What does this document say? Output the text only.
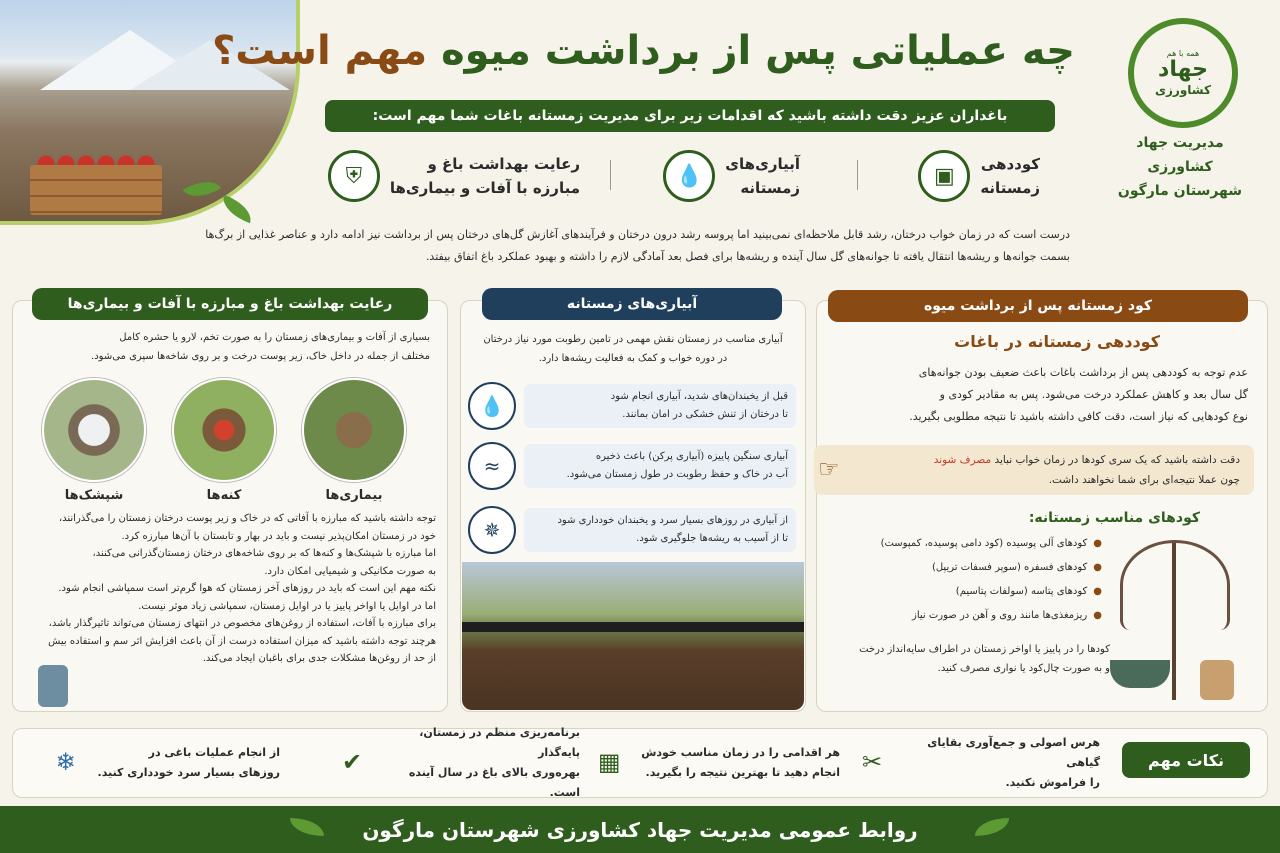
چه عملیاتی پس از برداشت میوه مهم است؟
باغداران عزیز دقت داشته باشید که اقدامات زیر برای مدیریت زمستانه باغات شما مهم است:
همه با هم
جهاد
کشاورزی
مدیریت جهاد کشاورزی
شهرستان مارگون
کوددهی
زمستانه
▣
آبیاری‌های
زمستانه
💧
رعایت بهداشت باغ و
مبارزه با آفات و بیماری‌ها
⛨
درست است که در زمان خواب درختان، رشد قابل ملاحظه‌ای نمی‌بینید اما پروسه رشد درون درختان و فرآیندهای آغازش گل‌های درختان پس از برداشت نیز ادامه دارد و عناصر غذایی از برگ‌ها
بسمت جوانه‌ها و ریشه‌ها انتقال یافته تا جوانه‌های گل سال آینده و ریشه‌ها برای فصل بعد آمادگی لازم را داشته و بهبود عملکرد باغ اتفاق بیفتد.
رعایت بهداشت باغ و مبارزه با آفات و بیماری‌ها
بسیاری از آفات و بیماری‌های زمستان را به صورت تخم، لارو یا حشره کامل
مختلف از جمله در داخل خاک، زیر پوست درخت و بر روی شاخه‌ها سپری می‌شود.
بیماری‌ها
کنه‌ها
شپشک‌ها
توجه داشته باشید که مبارزه با آفاتی که در خاک و زیر پوست درختان زمستان را می‌گذرانند،
خود در زمستان امکان‌پذیر نیست و باید در بهار و تابستان با آن‌ها مبارزه کرد.
اما مبارزه با شپشک‌ها و کنه‌ها که بر روی شاخه‌های درختان زمستان‌گذرانی می‌کنند،
به صورت مکانیکی و شیمیایی امکان دارد.
نکته مهم این است که باید در روزهای آخر زمستان که هوا گرم‌تر است سمپاشی انجام شود.
اما در اوایل یا اواخر پاییز یا در اوایل زمستان، سمپاشی زیاد موثر نیست.
برای مبارزه با آفات، استفاده از روغن‌های مخصوص در انتهای زمستان می‌تواند تاثیرگذار باشد،
هرچند توجه داشته باشید که میزان استفاده درست از آن باعث افزایش اثر سم و استفاده بیش
از حد از روغن‌ها مشکلات جدی برای باغبان ایجاد می‌کند.
آبیاری‌های زمستانه
آبیاری مناسب در زمستان نقش مهمی در تامین رطوبت مورد نیاز درختان
در دوره خواب و کمک به فعالیت ریشه‌ها دارد.
قبل از یخبندان‌های شدید، آبیاری انجام شود
تا درختان از تنش خشکی در امان بمانند.
💧
آبیاری سنگین پاییزه (آبیاری پرکن) باعث ذخیره
آب در خاک و حفظ رطوبت در طول زمستان می‌شود.
≈
از آبیاری در روزهای بسیار سرد و یخبندان خودداری شود
تا از آسیب به ریشه‌ها جلوگیری شود.
✵
کود زمستانه پس از برداشت میوه
کوددهی زمستانه در باغات
عدم توجه به کوددهی پس از برداشت باغات باعث ضعیف بودن جوانه‌های
گل سال بعد و کاهش عملکرد درخت می‌شود. پس به مقادیر کودی و
نوع کودهایی که نیاز است، دقت کافی داشته باشید تا نتیجه مطلوبی بگیرید.
دقت داشته باشید که یک سری کودها در زمان خواب نباید مصرف شوند
چون عملا نتیجه‌ای برای شما نخواهند داشت.
☞
کودهای مناسب زمستانه:
●کودهای آلی پوسیده (کود دامی پوسیده، کمپوست)
●کودهای فسفره (سوپر فسفات تریپل)
●کودهای پتاسه (سولفات پتاسیم)
●ریزمغذی‌ها مانند روی و آهن در صورت نیاز
کودها را در پاییز یا اواخر زمستان در اطراف سایه‌انداز درخت
و به صورت چال‌کود یا نواری مصرف کنید.
نکات مهم
هرس اصولی و جمع‌آوری بقایای گیاهی
را فراموش نکنید.
✂
هر اقدامی را در زمان مناسب خودش
انجام دهید تا بهترین نتیجه را بگیرید.
▦
برنامه‌ریزی منظم در زمستان، پایه‌گذار
بهره‌وری بالای باغ در سال آینده است.
✔
از انجام عملیات باغی در
روزهای بسیار سرد خودداری کنید.
❄
روابط عمومی مدیریت جهاد کشاورزی شهرستان مارگون
